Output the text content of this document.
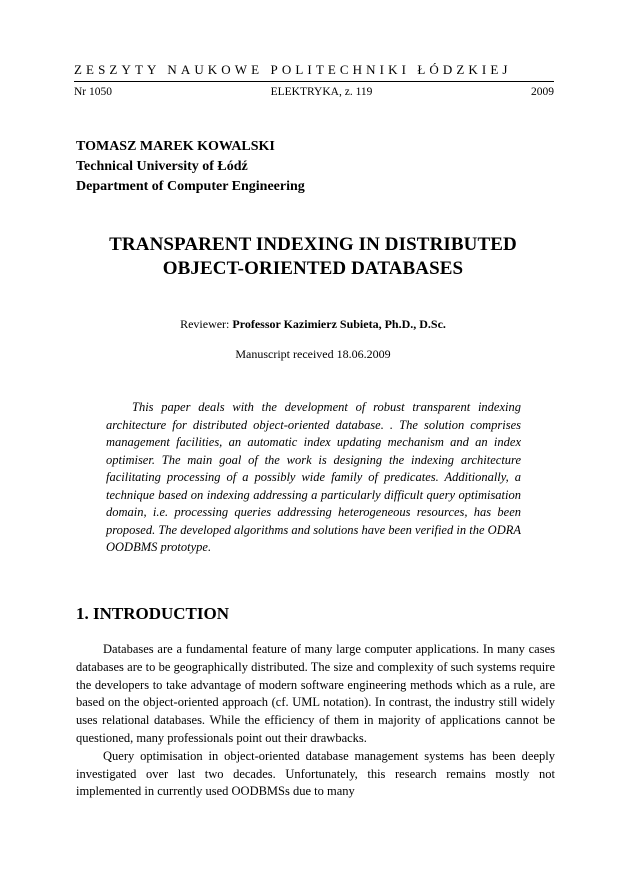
ZESZYTY NAUKOWE POLITECHNIKI ŁÓDZKIEJ
Nr 1050	ELEKTRYKA, z. 119	2009
TOMASZ MAREK KOWALSKI
Technical University of Łódź
Department of Computer Engineering
TRANSPARENT INDEXING IN DISTRIBUTED
OBJECT-ORIENTED DATABASES
Reviewer: Professor Kazimierz Subieta, Ph.D., D.Sc.
Manuscript received 18.06.2009
This paper deals with the development of robust transparent indexing architecture for distributed object-oriented database. . The solution comprises management facilities, an automatic index updating mechanism and an index optimiser. The main goal of the work is designing the indexing architecture facilitating processing of a possibly wide family of predicates. Additionally, a technique based on indexing addressing a particularly difficult query optimisation domain, i.e. processing queries addressing heterogeneous resources, has been proposed. The developed algorithms and solutions have been verified in the ODRA OODBMS prototype.
1. INTRODUCTION

Databases are a fundamental feature of many large computer applications. In many cases databases are to be geographically distributed. The size and complexity of such systems require the developers to take advantage of modern software engineering methods which as a rule, are based on the object-oriented approach (cf. UML notation). In contrast, the industry still widely uses relational databases. While the efficiency of them in majority of applications cannot be questioned, many professionals point out their drawbacks.

Query optimisation in object-oriented database management systems has been deeply investigated over last two decades. Unfortunately, this research remains mostly not implemented in currently used OODBMSs due to many
